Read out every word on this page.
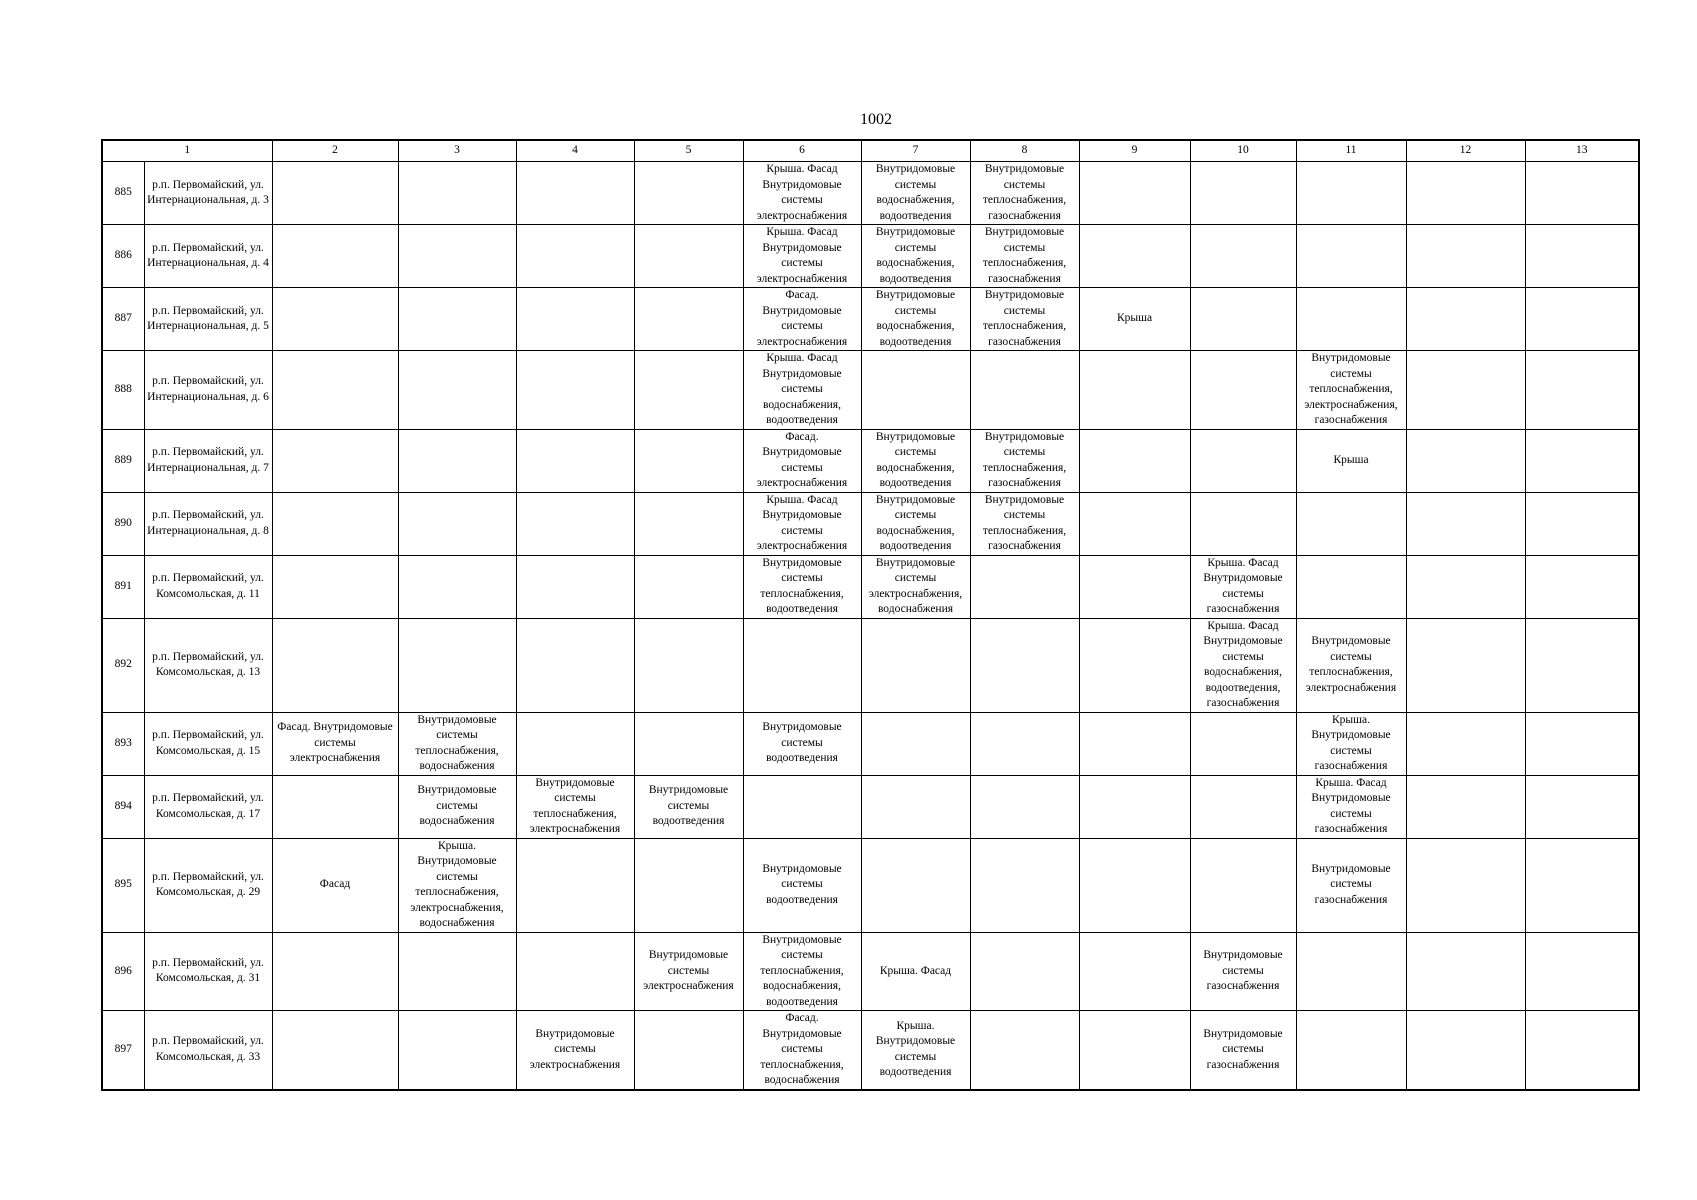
1002
1		2	3	4	5	6	7	8	9	10	11	12	13
885	р.п. Первомайский, ул. Интернациональная, д. 3					Крыша. Фасад Внутридомовые системы электроснабжения	Внутридомовые системы водоснабжения, водоотведения	Внутридомовые системы теплоснабжения, газоснабжения					
886	р.п. Первомайский, ул. Интернациональная, д. 4					Крыша. Фасад Внутридомовые системы электроснабжения	Внутридомовые системы водоснабжения, водоотведения	Внутридомовые системы теплоснабжения, газоснабжения					
887	р.п. Первомайский, ул. Интернациональная, д. 5					Фасад. Внутридомовые системы электроснабжения	Внутридомовые системы водоснабжения, водоотведения	Внутридомовые системы теплоснабжения, газоснабжения	Крыша				
888	р.п. Первомайский, ул. Интернациональная, д. 6					Крыша. Фасад Внутридомовые системы водоснабжения, водоотведения					Внутридомовые системы теплоснабжения, электроснабжения, газоснабжения		
889	р.п. Первомайский, ул. Интернациональная, д. 7					Фасад. Внутридомовые системы электроснабжения	Внутридомовые системы водоснабжения, водоотведения	Внутридомовые системы теплоснабжения, газоснабжения			Крыша		
890	р.п. Первомайский, ул. Интернациональная, д. 8					Крыша. Фасад Внутридомовые системы электроснабжения	Внутридомовые системы водоснабжения, водоотведения	Внутридомовые системы теплоснабжения, газоснабжения					
891	р.п. Первомайский, ул. Комсомольская, д. 11					Внутридомовые системы теплоснабжения, водоотведения	Внутридомовые системы электроснабжения, водоснабжения			Крыша. Фасад Внутридомовые системы газоснабжения			
892	р.п. Первомайский, ул. Комсомольская, д. 13									Крыша. Фасад Внутридомовые системы водоснабжения, водоотведения, газоснабжения	Внутридомовые системы теплоснабжения, электроснабжения		
893	р.п. Первомайский, ул. Комсомольская, д. 15	Фасад. Внутридомовые системы электроснабжения	Внутридомовые системы теплоснабжения, водоснабжения			Внутридомовые системы водоотведения					Крыша. Внутридомовые системы газоснабжения		
894	р.п. Первомайский, ул. Комсомольская, д. 17		Внутридомовые системы водоснабжения	Внутридомовые системы теплоснабжения, электроснабжения	Внутридомовые системы водоотведения						Крыша. Фасад Внутридомовые системы газоснабжения		
895	р.п. Первомайский, ул. Комсомольская, д. 29	Фасад	Крыша. Внутридомовые системы теплоснабжения, электроснабжения, водоснабжения			Внутридомовые системы водоотведения					Внутридомовые системы газоснабжения		
896	р.п. Первомайский, ул. Комсомольская, д. 31				Внутридомовые системы электроснабжения	Внутридомовые системы теплоснабжения, водоснабжения, водоотведения	Крыша. Фасад			Внутридомовые системы газоснабжения			
897	р.п. Первомайский, ул. Комсомольская, д. 33			Внутридомовые системы электроснабжения		Фасад. Внутридомовые системы теплоснабжения, водоснабжения	Крыша. Внутридомовые системы водоотведения			Внутридомовые системы газоснабжения			
